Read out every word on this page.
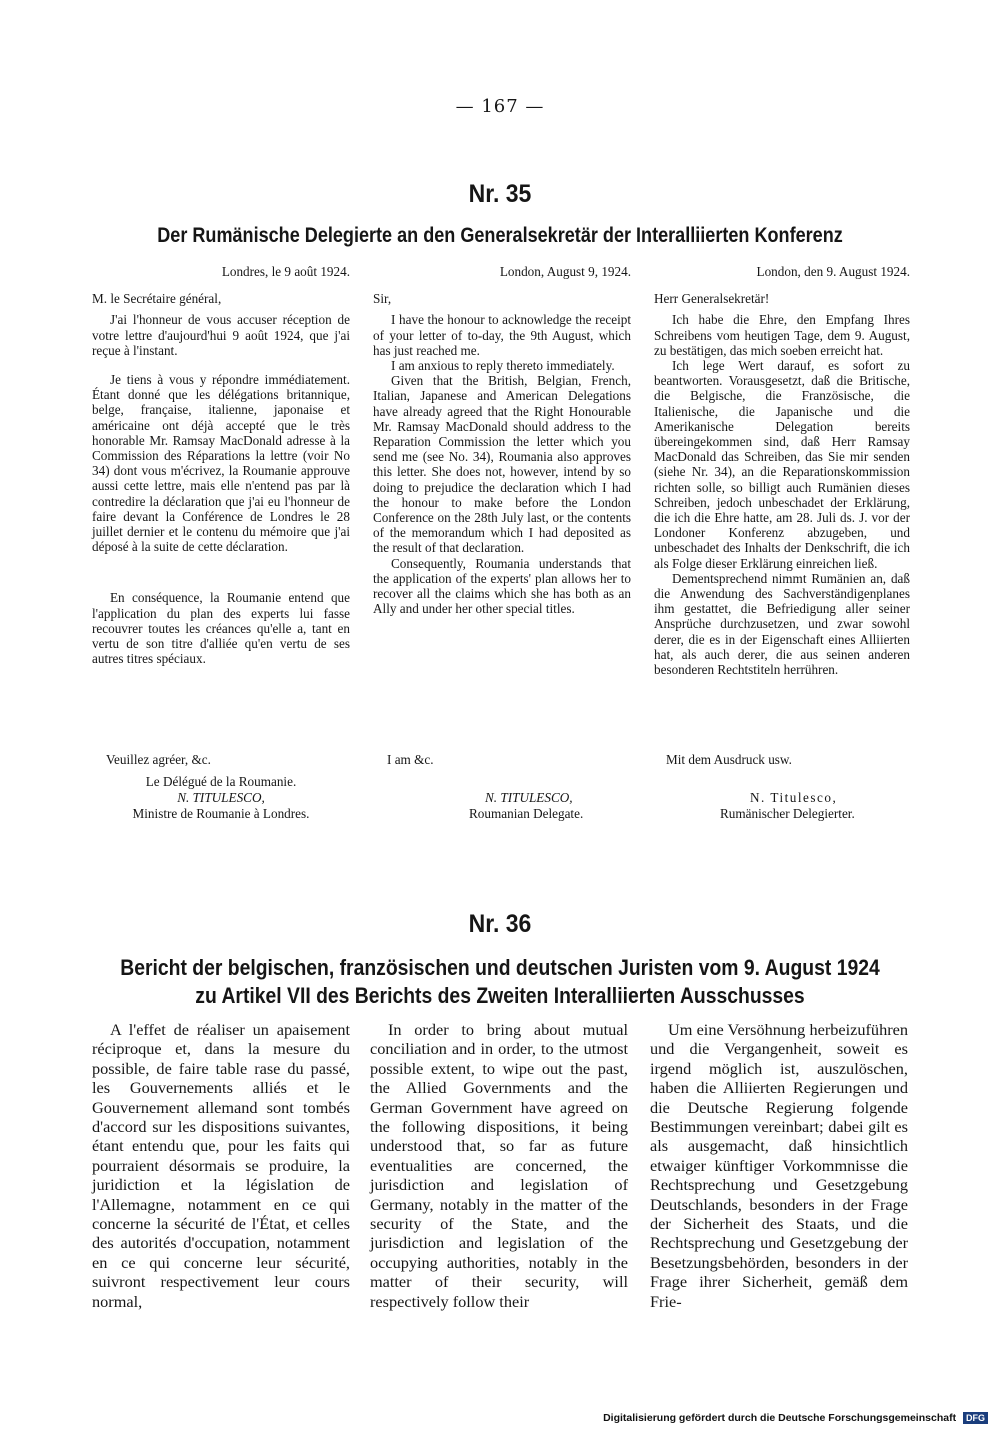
— 167 —
Nr. 35
Der Rumänische Delegierte an den Generalsekretär der Interalliierten Konferenz

Londres, le 9 août 1924.

M. le Secrétaire général,

J'ai l'honneur de vous accuser réception de votre lettre d'aujourd'hui 9 août 1924, que j'ai reçue à l'instant.

Je tiens à vous y répondre immédiatement. Étant donné que les délégations britannique, belge, française, italienne, japonaise et américaine ont déjà accepté que le très honorable Mr. Ramsay MacDonald adresse à la Commission des Réparations la lettre (voir No 34) dont vous m'écrivez, la Roumanie approuve aussi cette lettre, mais elle n'entend pas par là contredire la déclaration que j'ai eu l'honneur de faire devant la Conférence de Londres le 28 juillet dernier et le contenu du mémoire que j'ai déposé à la suite de cette déclaration.

En conséquence, la Roumanie entend que l'application du plan des experts lui fasse recouvrer toutes les créances qu'elle a, tant en vertu de son titre d'alliée qu'en vertu de ses autres titres spéciaux.

London, August 9, 1924.

Sir,

I have the honour to acknowledge the receipt of your letter of to-day, the 9th August, which has just reached me.

I am anxious to reply thereto immediately.

Given that the British, Belgian, French, Italian, Japanese and American Delegations have already agreed that the Right Honourable Mr. Ramsay MacDonald should address to the Reparation Commission the letter which you send me (see No. 34), Roumania also approves this letter. She does not, however, intend by so doing to prejudice the declaration which I had the honour to make before the London Conference on the 28th July last, or the contents of the memorandum which I had deposited as the result of that declaration.

Consequently, Roumania understands that the application of the experts' plan allows her to recover all the claims which she has both as an Ally and under her other special titles.

London, den 9. August 1924.

Herr Generalsekretär!

Ich habe die Ehre, den Empfang Ihres Schreibens vom heutigen Tage, dem 9. August, zu bestätigen, das mich soeben erreicht hat.

Ich lege Wert darauf, es sofort zu beantworten. Vorausgesetzt, daß die Britische, die Belgische, die Französische, die Italienische, die Japanische und die Amerikanische Delegation bereits übereingekommen sind, daß Herr Ramsay MacDonald das Schreiben, das Sie mir senden (siehe Nr. 34), an die Reparationskommission richten solle, so billigt auch Rumänien dieses Schreiben, jedoch unbeschadet der Erklärung, die ich die Ehre hatte, am 28. Juli ds. J. vor der Londoner Konferenz abzugeben, und unbeschadet des Inhalts der Denkschrift, die ich als Folge dieser Erklärung einreichen ließ.

Dementsprechend nimmt Rumänien an, daß die Anwendung des Sachverständigenplanes ihm gestattet, die Befriedigung aller seiner Ansprüche durchzusetzen, und zwar sowohl derer, die es in der Eigenschaft eines Alliierten hat, als auch derer, die aus seinen anderen besonderen Rechtstiteln herrühren.

Veuillez agréer, &c.
Le Délégué de la Roumanie.
N. TITULESCO,
Ministre de Roumanie à Londres.
I am &c.
N. TITULESCO,
Roumanian Delegate.
Mit dem Ausdruck usw.
N. Titulesco,
Rumänischer Delegierter.
Nr. 36
Bericht der belgischen, französischen und deutschen Juristen vom 9. August 1924
zu Artikel VII des Berichts des Zweiten Interalliierten Ausschusses

A l'effet de réaliser un apaisement réciproque et, dans la mesure du possible, de faire table rase du passé, les Gouvernements alliés et le Gouvernement allemand sont tombés d'accord sur les dispositions suivantes, étant entendu que, pour les faits qui pourraient désormais se produire, la juridiction et la législation de l'Allemagne, notamment en ce qui concerne la sécurité de l'État, et celles des autorités d'occupation, notamment en ce qui concerne leur sécurité, suivront respectivement leur cours normal,

In order to bring about mutual conciliation and in order, to the utmost possible extent, to wipe out the past, the Allied Governments and the German Government have agreed on the following dispositions, it being understood that, so far as future eventualities are concerned, the jurisdiction and legislation of Germany, notably in the matter of the security of the State, and the jurisdiction and legislation of the occupying authorities, notably in the matter of their security, will respectively follow their

Um eine Versöhnung herbeizuführen und die Vergangenheit, soweit es irgend möglich ist, auszulöschen, haben die Alliierten Regierungen und die Deutsche Regierung folgende Bestimmungen vereinbart; dabei gilt es als ausgemacht, daß hinsichtlich etwaiger künftiger Vorkommnisse die Rechtsprechung und Gesetzgebung Deutschlands, besonders in der Frage der Sicherheit des Staats, und die Rechtsprechung und Gesetzgebung der Besetzungsbehörden, besonders in der Frage ihrer Sicherheit, gemäß dem Frie-

Digitalisierung gefördert durch die Deutsche Forschungsgemeinschaft DFG
